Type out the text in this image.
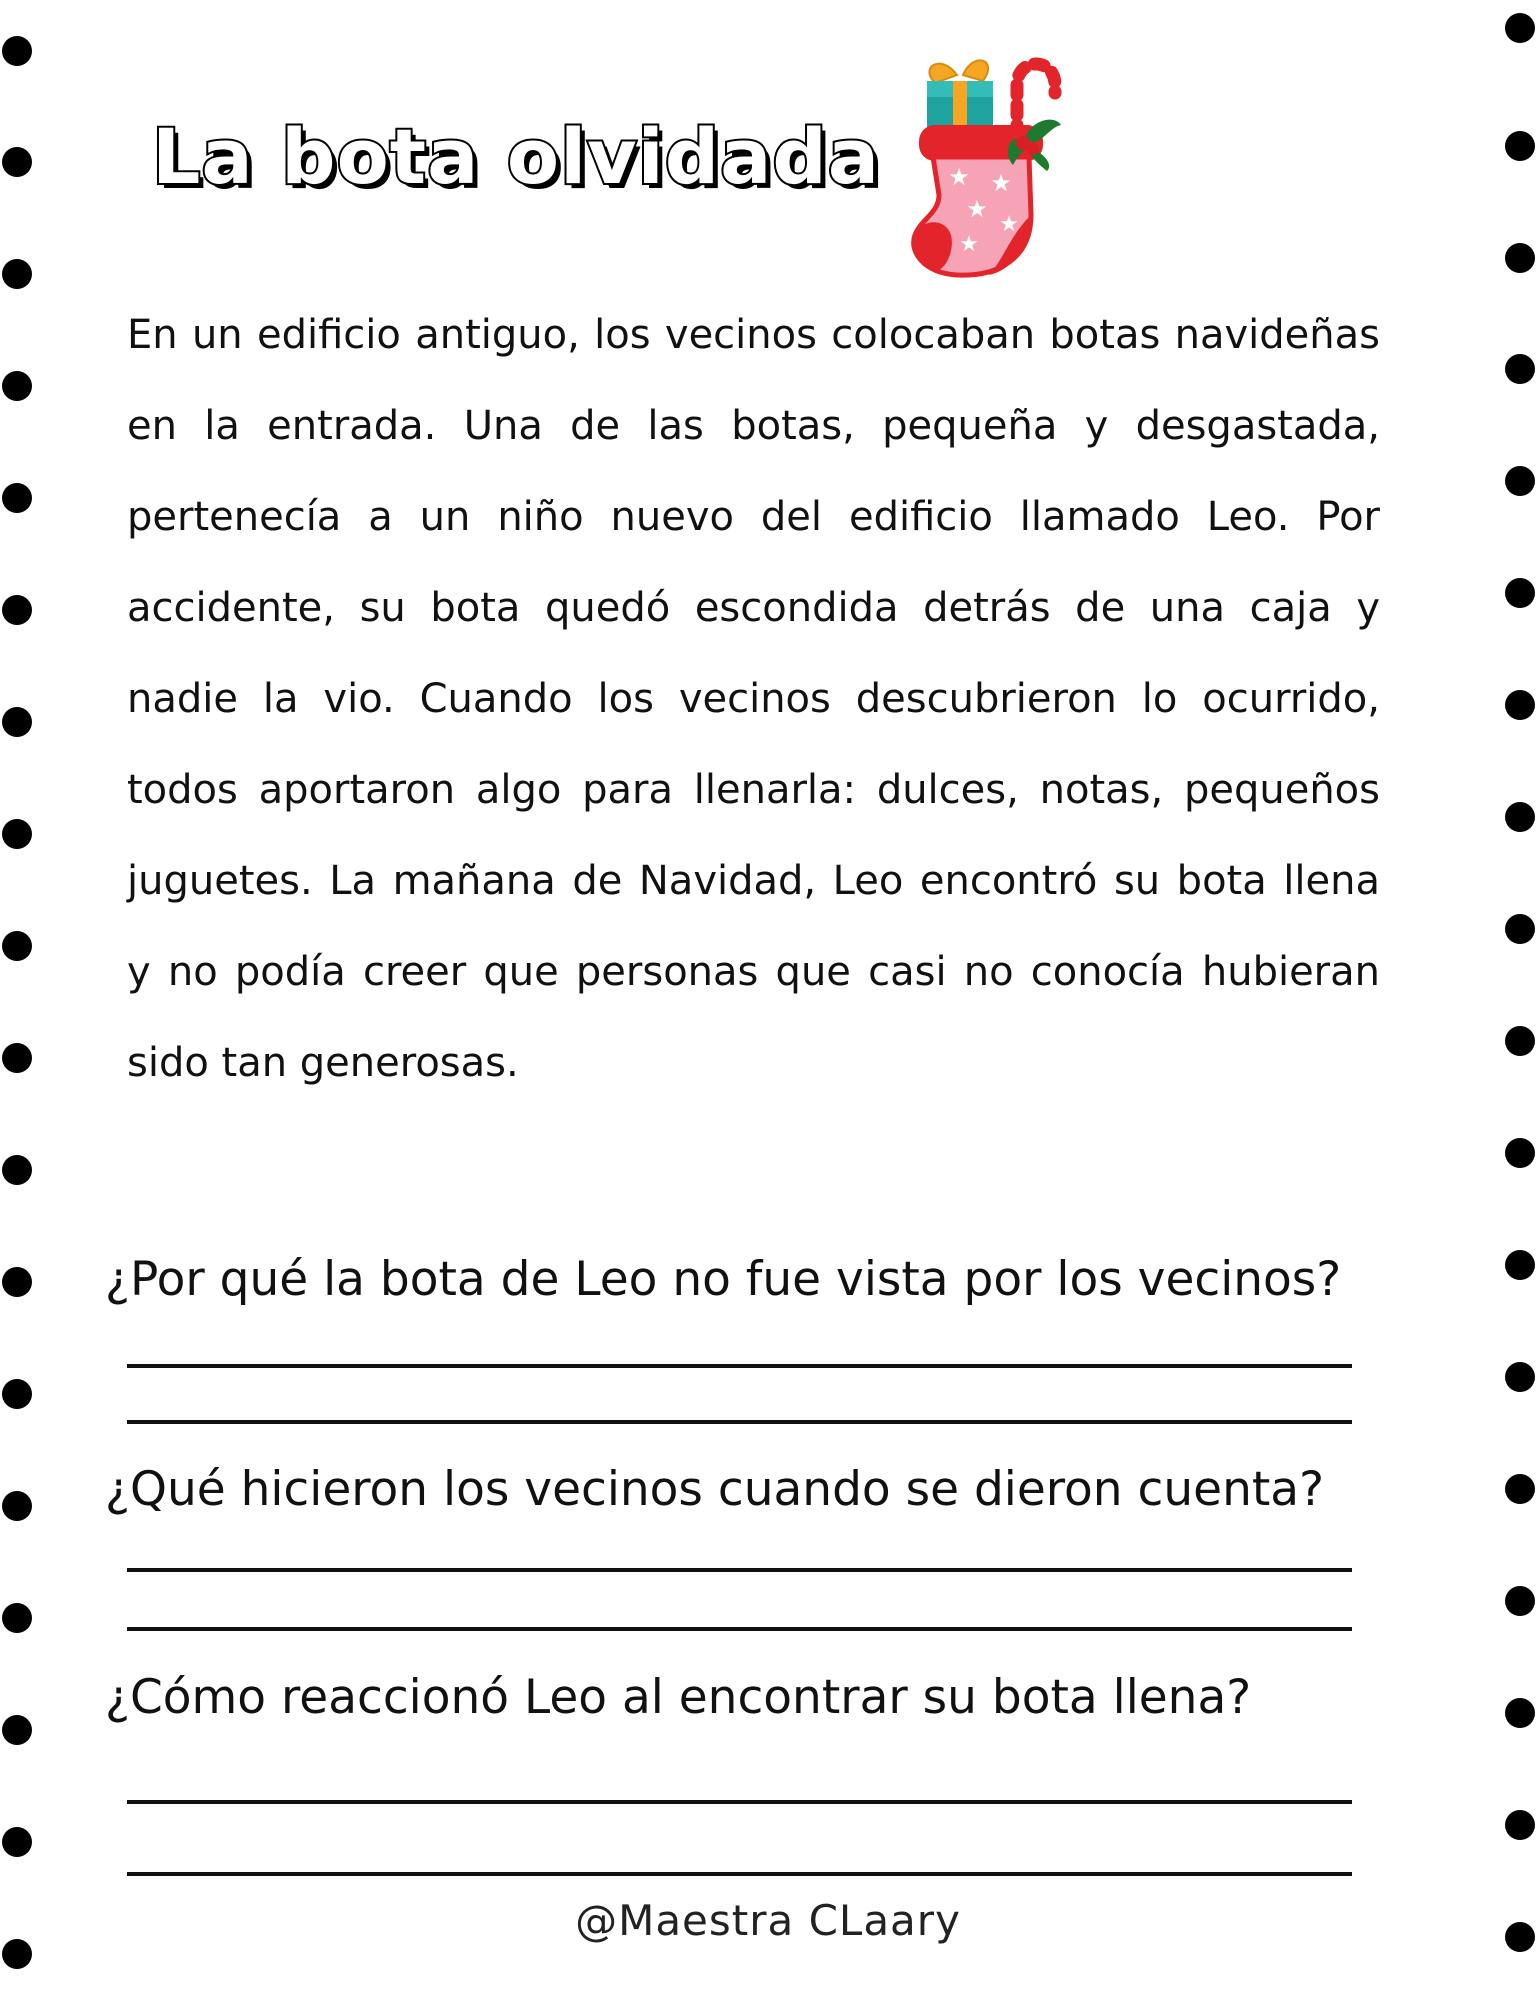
La bota olvidada	★ ★
★
★
★

En un edificio antiguo, los vecinos colocaban botas navideñas en la entrada. Una de las botas, pequeña y desgastada, pertenecía a un niño nuevo del edificio llamado Leo. Por accidente, su bota quedó escondida detrás de una caja y nadie la vio. Cuando los vecinos descubrieron lo ocurrido, todos aportaron algo para llenarla: dulces, notas, pequeños juguetes. La mañana de Navidad, Leo encontró su bota llena y no podía creer que personas que casi no conocía hubieran sido tan generosas.

¿Por qué la bota de Leo no fue vista por los vecinos?

¿Qué hicieron los vecinos cuando se dieron cuenta?

¿Cómo reaccionó Leo al encontrar su bota llena?

@Maestra CLaary
